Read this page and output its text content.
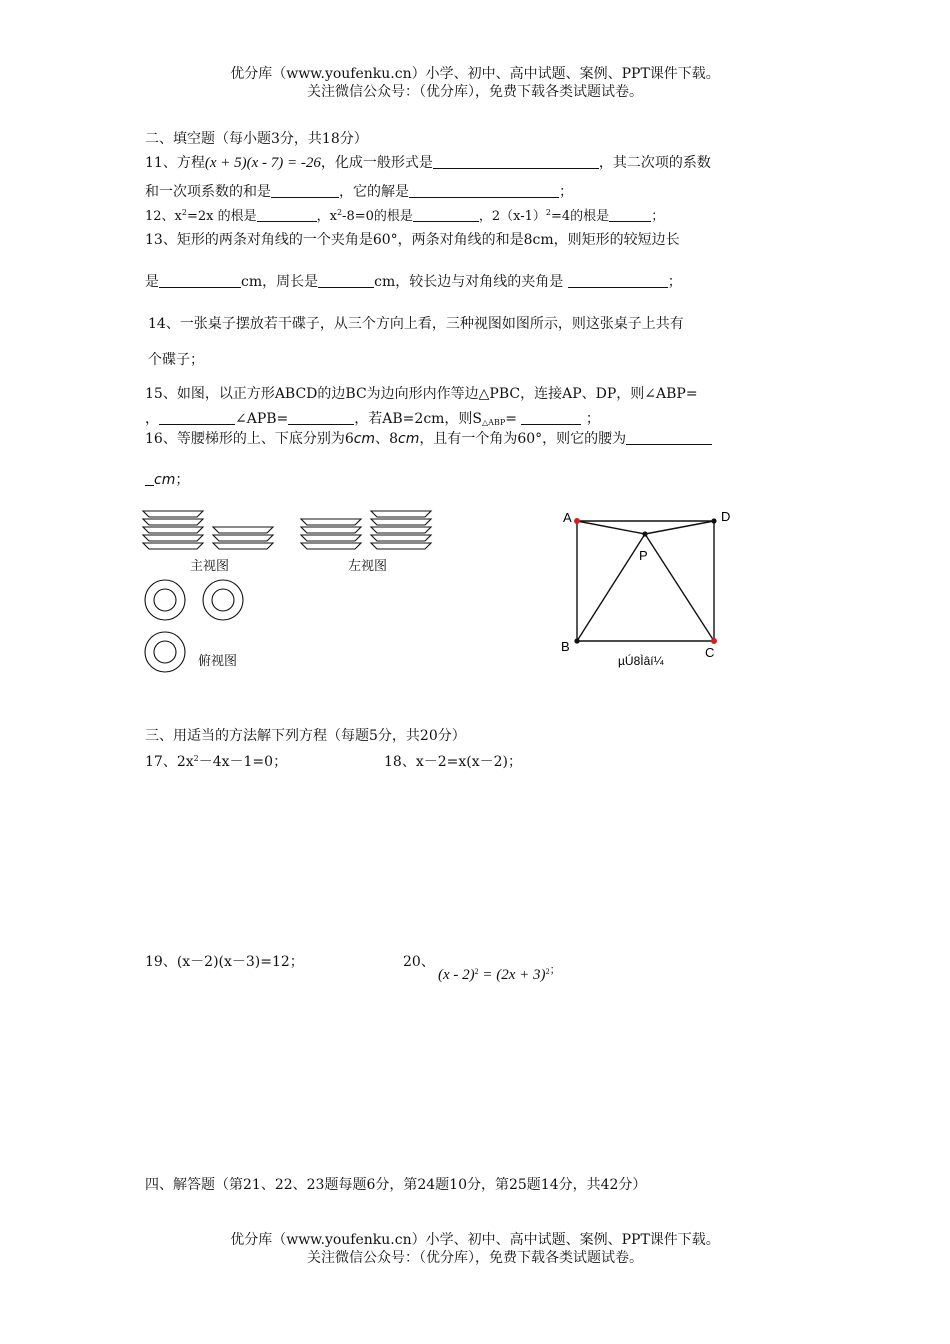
优分库（www.youfenku.cn）小学、初中、高中试题、案例、PPT课件下载。
关注微信公众号：（优分库），免费下载各类试题试卷。
二、填空题（每小题3分，共18分）
11、方程(x + 5)(x - 7) = -26，化成一般形式是	，其二次项的系数
和一次项系数的和是	，它的解是	；
12、$x^2=2x$ 的根是	，$x^2-8=0$的根是	，$2(x-1)^2=4$的根是	；
13、矩形的两条对角线的一个夹角是60°，两条对角线的和是8cm，则矩形的较短边长
是	cm，周长是	cm，较长边与对角线的夹角是	；
14、一张桌子摆放若干碟子，从三个方向上看，三种视图如图所示，则这张桌子上共有
个碟子；
15、如图，以正方形ABCD的边BC为边向形内作等边△PBC，连接AP、DP，则∠ABP=
，	∠APB=	，若AB=2cm，则$S_{\triangle ABP}=$	；
16、等腰梯形的上、下底分别为6cm、8cm，且有一个角为60°，则它的腰为
cm；
主视图	左视图
俯视图
A	D
P
B	C
µÚ8Ìâí¼
三、用适当的方法解下列方程（每题5分，共20分）
17、$2x^2-4x-1=0$；	18、x－2=x(x－2)；
19、(x－2)(x－3)=12；	20、
$(x - 2)^2 = (2x + 3)^{2;}$
四、解答题（第21、22、23题每题6分，第24题10分，第25题14分，共42分）
优分库（www.youfenku.cn）小学、初中、高中试题、案例、PPT课件下载。
关注微信公众号：（优分库），免费下载各类试题试卷。
